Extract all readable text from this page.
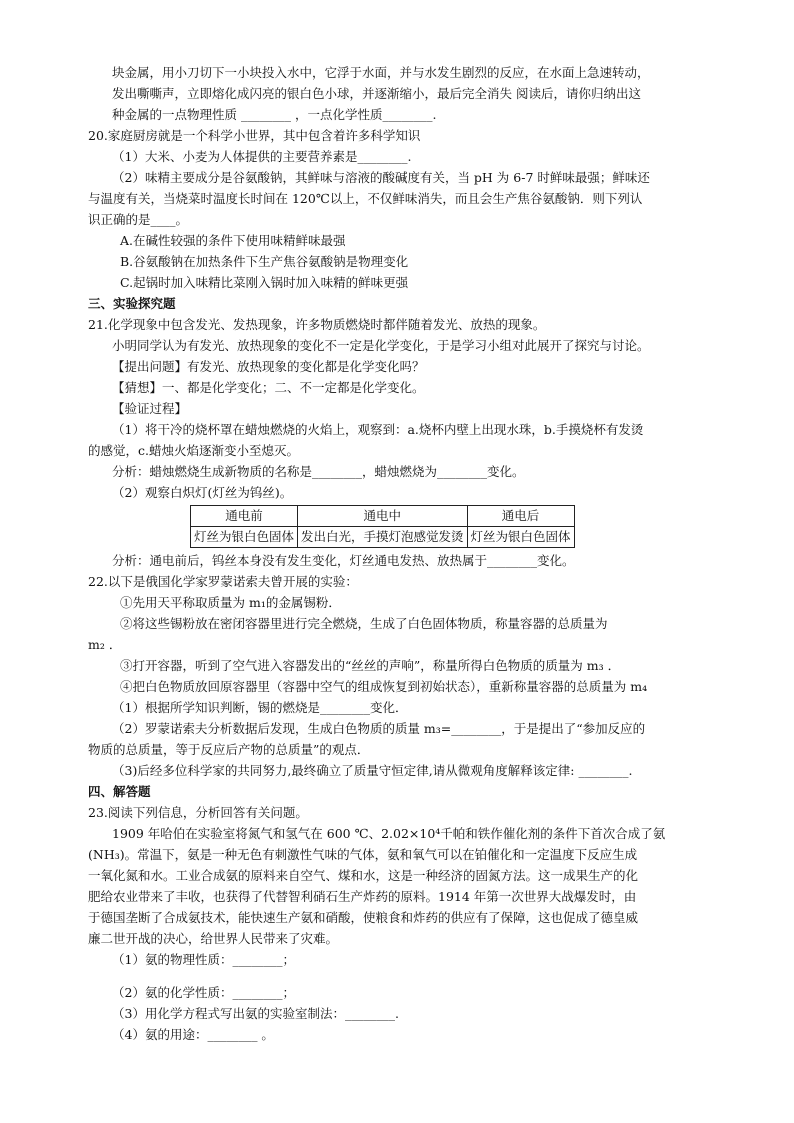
块金属，用小刀切下一小块投入水中，它浮于水面，并与水发生剧烈的反应，在水面上急速转动，
发出嘶嘶声，立即熔化成闪亮的银白色小球，并逐渐缩小，最后完全消失 阅读后，请你归纳出这
种金属的一点物理性质 ________ ，一点化学性质________.
20.家庭厨房就是一个科学小世界，其中包含着许多科学知识
（1）大米、小麦为人体提供的主要营养素是________.
（2）味精主要成分是谷氨酸钠，其鲜味与溶液的酸碱度有关，当 pH 为 6-7 时鲜味最强；鲜味还
与温度有关，当烧菜时温度长时间在 120℃以上，不仅鲜味消失，而且会生产焦谷氨酸钠．则下列认
识正确的是____。
A.在碱性较强的条件下使用味精鲜味最强
B.谷氨酸钠在加热条件下生产焦谷氨酸钠是物理变化
C.起锅时加入味精比菜刚入锅时加入味精的鲜味更强
三、实验探究题
21.化学现象中包含发光、发热现象，许多物质燃烧时都伴随着发光、放热的现象。
小明同学认为有发光、放热现象的变化不一定是化学变化，于是学习小组对此展开了探究与讨论。
【提出问题】有发光、放热现象的变化都是化学变化吗？
【猜想】一、都是化学变化；二、不一定都是化学变化。
【验证过程】
（1）将干冷的烧杯罩在蜡烛燃烧的火焰上，观察到：a.烧杯内壁上出现水珠，b.手摸烧杯有发烫
的感觉，c.蜡烛火焰逐渐变小至熄灭。
分析：蜡烛燃烧生成新物质的名称是________，蜡烛燃烧为________变化。
（2）观察白炽灯(灯丝为钨丝)。
通电前	通电中	通电后
灯丝为银白色固体	发出白光，手摸灯泡感觉发烫	灯丝为银白色固体
分析：通电前后，钨丝本身没有发生变化，灯丝通电发热、放热属于________变化。
22.以下是俄国化学家罗蒙诺索夫曾开展的实验：
①先用天平称取质量为 m₁的金属锡粉．
②将这些锡粉放在密闭容器里进行完全燃烧，生成了白色固体物质，称量容器的总质量为
m₂ ．
③打开容器，听到了空气进入容器发出的“丝丝的声响”，称量所得白色物质的质量为 m₃ ．
④把白色物质放回原容器里（容器中空气的组成恢复到初始状态），重新称量容器的总质量为 m₄
（1）根据所学知识判断，锡的燃烧是________变化．
（2）罗蒙诺索夫分析数据后发现，生成白色物质的质量 m₃=________，于是提出了“参加反应的
物质的总质量，等于反应后产物的总质量”的观点．
（3)后经多位科学家的共同努力,最终确立了质量守恒定律,请从微观角度解释该定律: ________.
四、解答题
23.阅读下列信息，分析回答有关问题。
1909 年哈伯在实验室将氮气和氢气在 600 ℃、2.02×10⁴千帕和铁作催化剂的条件下首次合成了氨
(NH₃)。常温下，氨是一种无色有刺激性气味的气体，氨和氧气可以在铂催化和一定温度下反应生成
一氧化氮和水。工业合成氨的原料来自空气、煤和水，这是一种经济的固氮方法。这一成果生产的化
肥给农业带来了丰收，也获得了代替智利硝石生产炸药的原料。1914 年第一次世界大战爆发时，由
于德国垄断了合成氨技术，能快速生产氨和硝酸，使粮食和炸药的供应有了保障，这也促成了德皇威
廉二世开战的决心，给世界人民带来了灾难。
（1）氨的物理性质：________；
（2）氨的化学性质：________；
（3）用化学方程式写出氨的实验室制法：________.
（4）氨的用途：________ 。
